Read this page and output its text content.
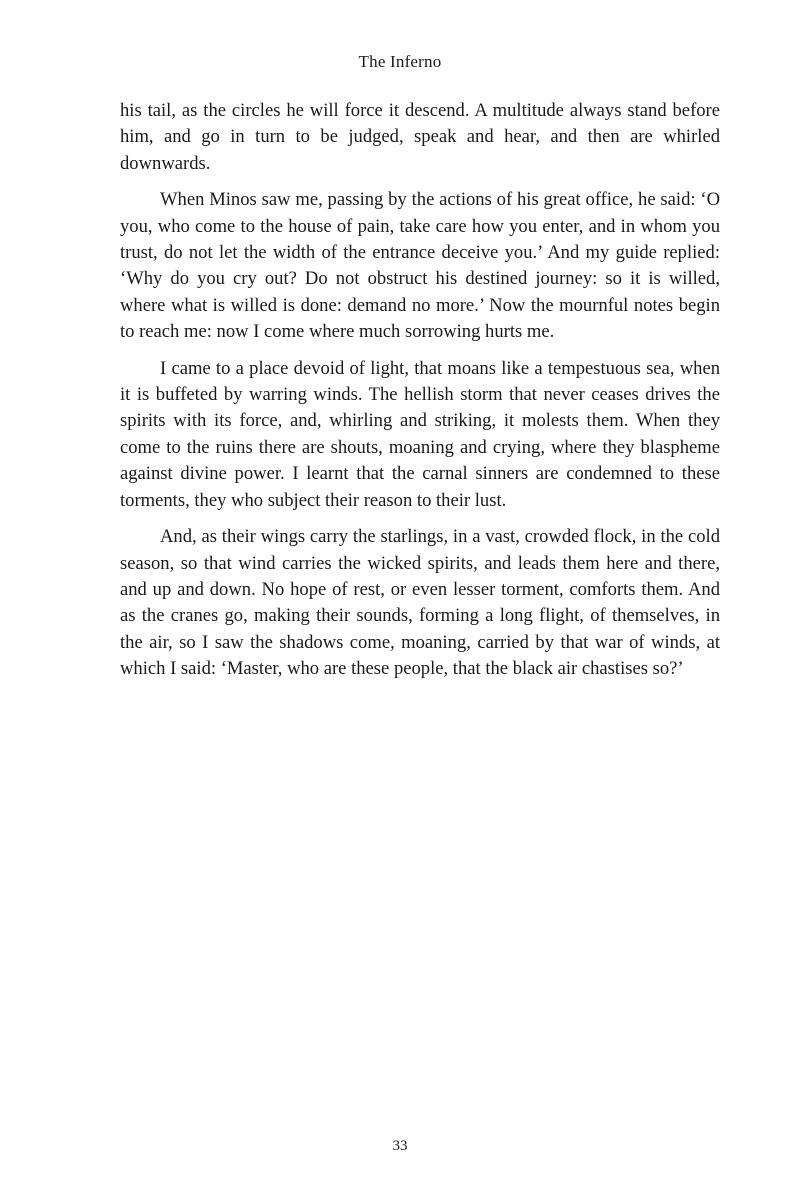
The Inferno

his tail, as the circles he will force it descend. A multitude always stand before him, and go in turn to be judged, speak and hear, and then are whirled downwards.

When Minos saw me, passing by the actions of his great office, he said: ‘O you, who come to the house of pain, take care how you enter, and in whom you trust, do not let the width of the entrance deceive you.’ And my guide replied: ‘Why do you cry out? Do not obstruct his destined journey: so it is willed, where what is willed is done: demand no more.’ Now the mournful notes begin to reach me: now I come where much sorrowing hurts me.

I came to a place devoid of light, that moans like a tempestuous sea, when it is buffeted by warring winds. The hellish storm that never ceases drives the spirits with its force, and, whirling and striking, it molests them. When they come to the ruins there are shouts, moaning and crying, where they blaspheme against divine power. I learnt that the carnal sinners are condemned to these torments, they who subject their reason to their lust.

And, as their wings carry the starlings, in a vast, crowded flock, in the cold season, so that wind carries the wicked spirits, and leads them here and there, and up and down. No hope of rest, or even lesser torment, comforts them. And as the cranes go, making their sounds, forming a long flight, of themselves, in the air, so I saw the shadows come, moaning, carried by that war of winds, at which I said: ‘Master, who are these people, that the black air chastises so?’

33
